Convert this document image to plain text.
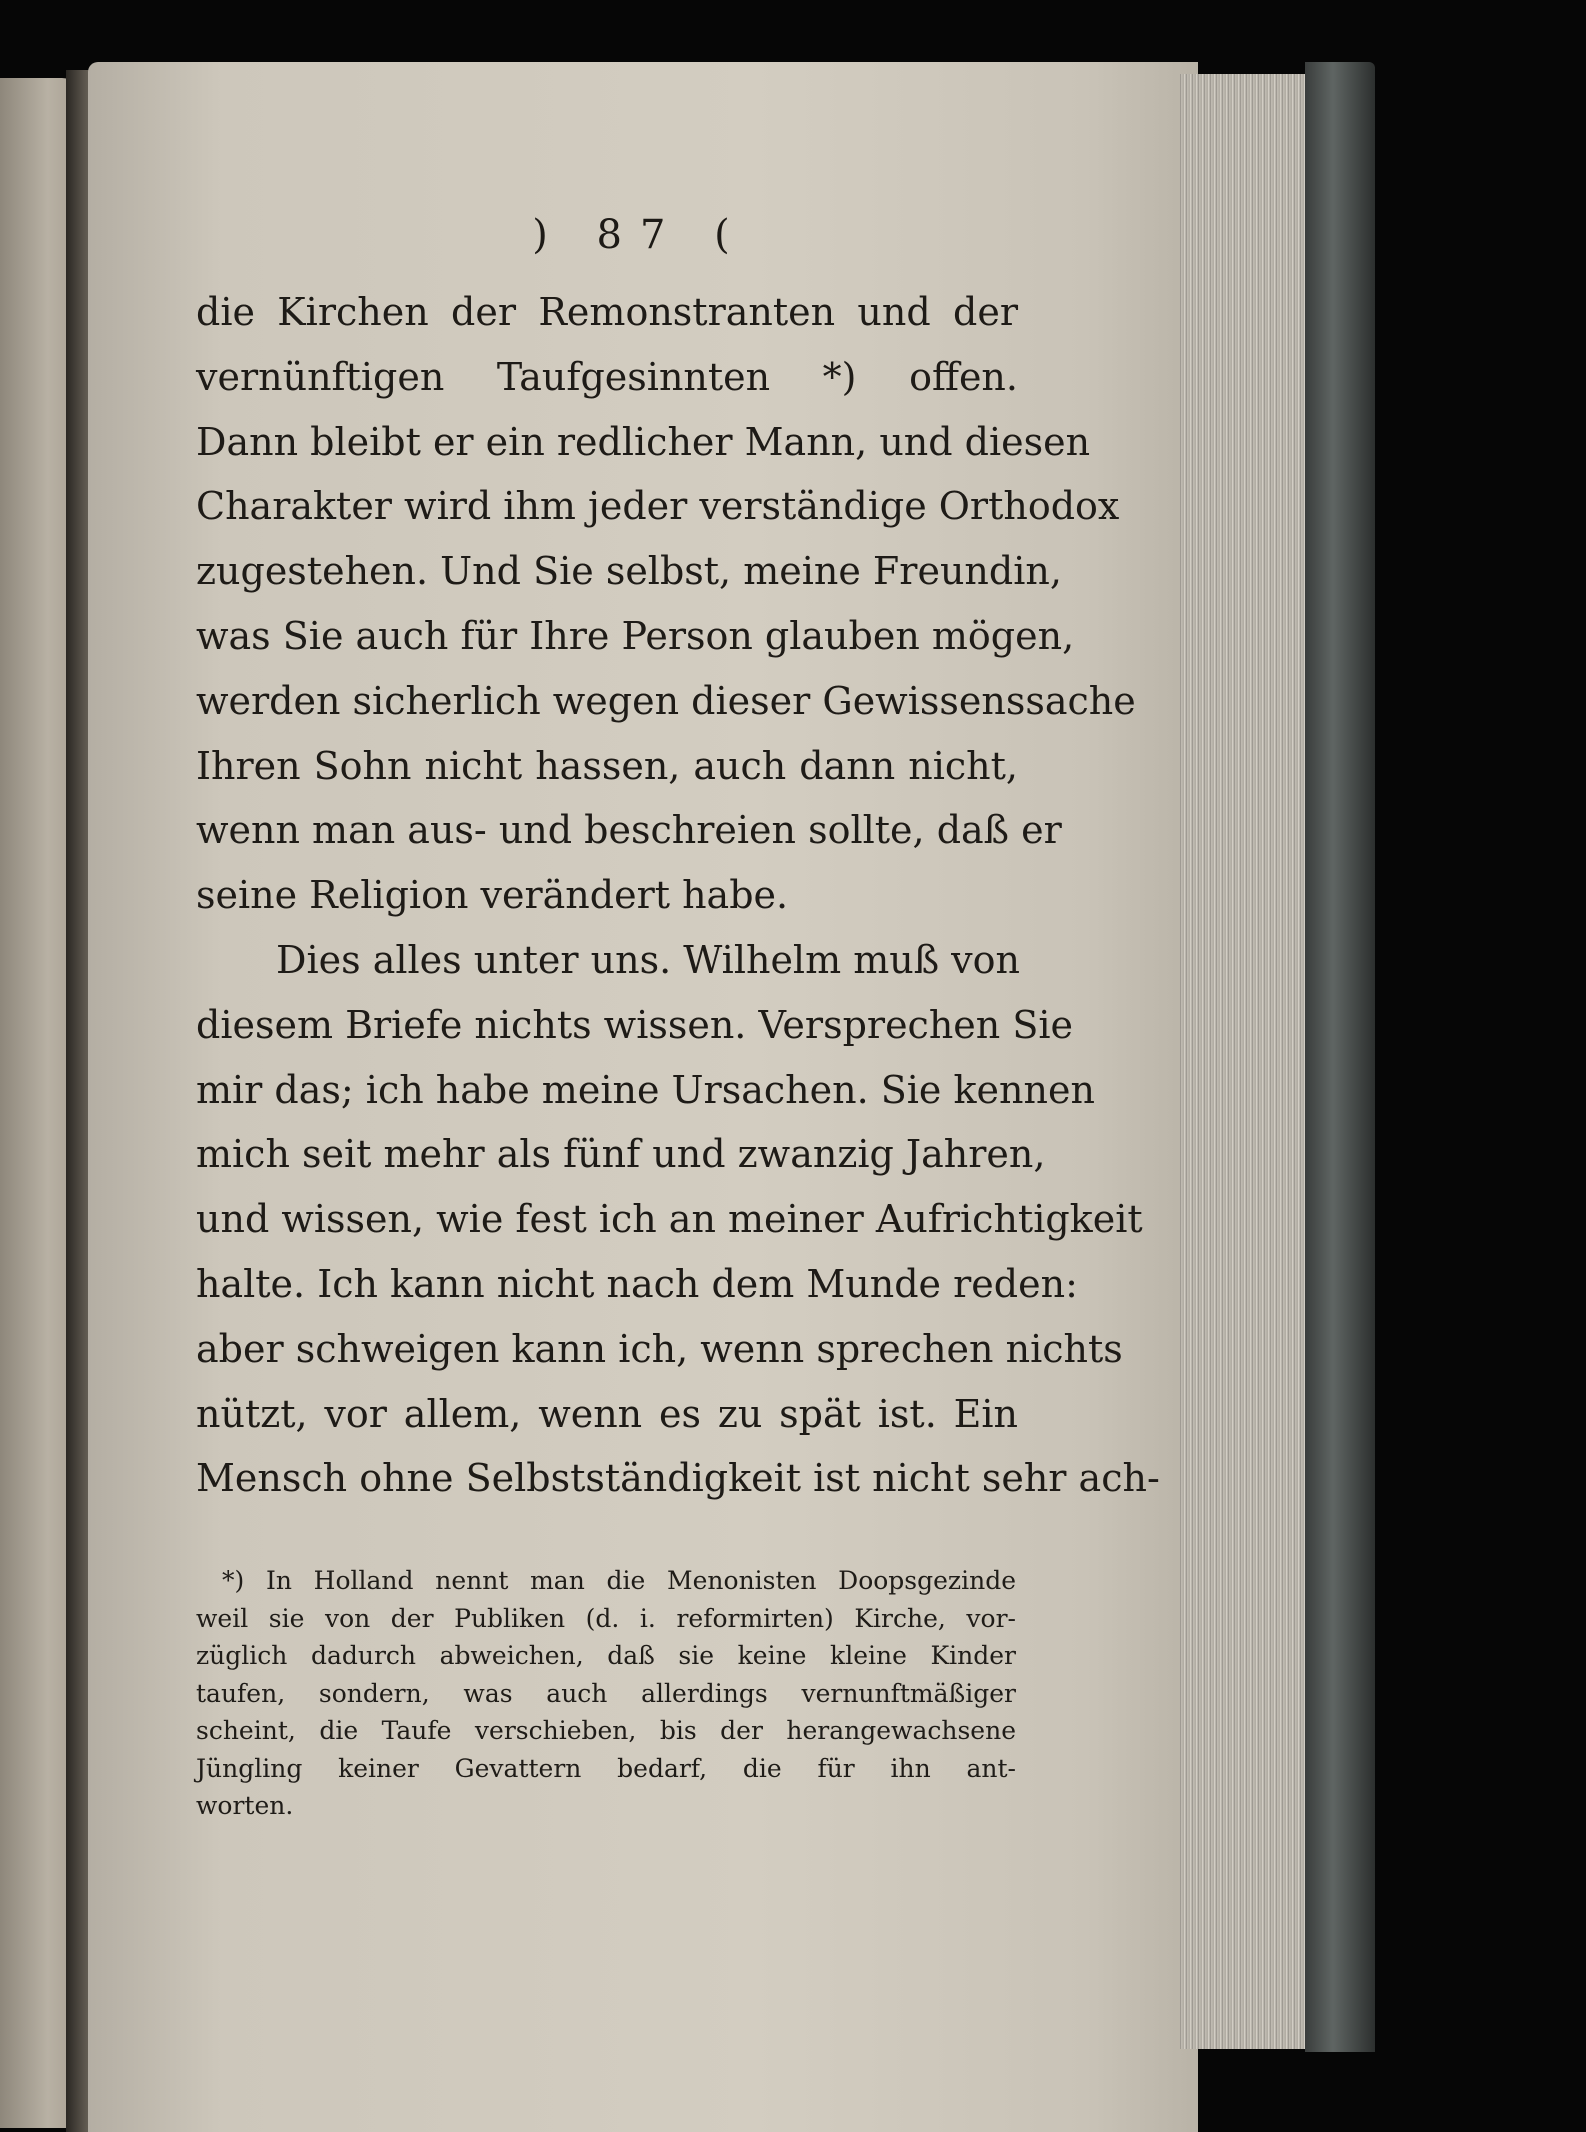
) 87 (
die Kirchen der Remonstranten und der
vernünftigen Taufgesinnten *) offen.
Dann bleibt er ein redlicher Mann, und diesen
Charakter wird ihm jeder verständige Orthodox
zugestehen. Und Sie selbst, meine Freundin,
was Sie auch für Ihre Person glauben mögen,
werden sicherlich wegen dieser Gewissenssache
Ihren Sohn nicht hassen, auch dann nicht,
wenn man aus- und beschreien sollte, daß er
seine Religion verändert habe.
Dies alles unter uns. Wilhelm muß von
diesem Briefe nichts wissen. Versprechen Sie
mir das; ich habe meine Ursachen. Sie kennen
mich seit mehr als fünf und zwanzig Jahren,
und wissen, wie fest ich an meiner Aufrichtigkeit
halte. Ich kann nicht nach dem Munde reden:
aber schweigen kann ich, wenn sprechen nichts
nützt, vor allem, wenn es zu spät ist. Ein
Mensch ohne Selbstständigkeit ist nicht sehr ach-
*) In Holland nennt man die Menonisten Doopsgezinde
weil sie von der Publiken (d. i. reformirten) Kirche, vor-
züglich dadurch abweichen, daß sie keine kleine Kinder
taufen, sondern, was auch allerdings vernunftmäßiger
scheint, die Taufe verschieben, bis der herangewachsene
Jüngling keiner Gevattern bedarf, die für ihn ant-
worten.
